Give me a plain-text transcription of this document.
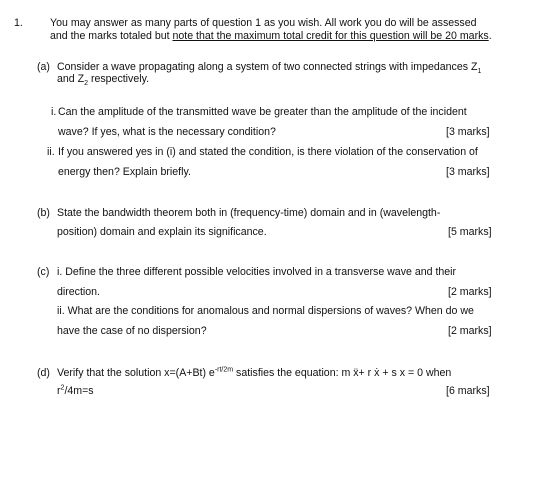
1.	You may answer as many parts of question 1 as you wish. All work you do will be assessed
and the marks totaled but note that the maximum total credit for this question will be 20 marks.
(a) Consider a wave propagating along a system of two connected strings with impedances $Z_1$
and $Z_2$ respectively.
i. Can the amplitude of the transmitted wave be greater than the amplitude of the incident
wave? If yes, what is the necessary condition?	[3 marks]
ii. If you answered yes in (i) and stated the condition, is there violation of the conservation of
energy then? Explain briefly.	[3 marks]
(b) State the bandwidth theorem both in (frequency-time) domain and in (wavelength-
position) domain and explain its significance.	[5 marks]
(c) i. Define the three different possible velocities involved in a transverse wave and their
direction.	[2 marks]
ii. What are the conditions for anomalous and normal dispersions of waves? When do we
have the case of no dispersion?	[2 marks]
(d) Verify that the solution x=(A+Bt) $e^{-rt/2m}$ satisfies the equation: m ẍ+ r ẋ + s x = 0 when
$r^2/4m=s$	[6 marks]
